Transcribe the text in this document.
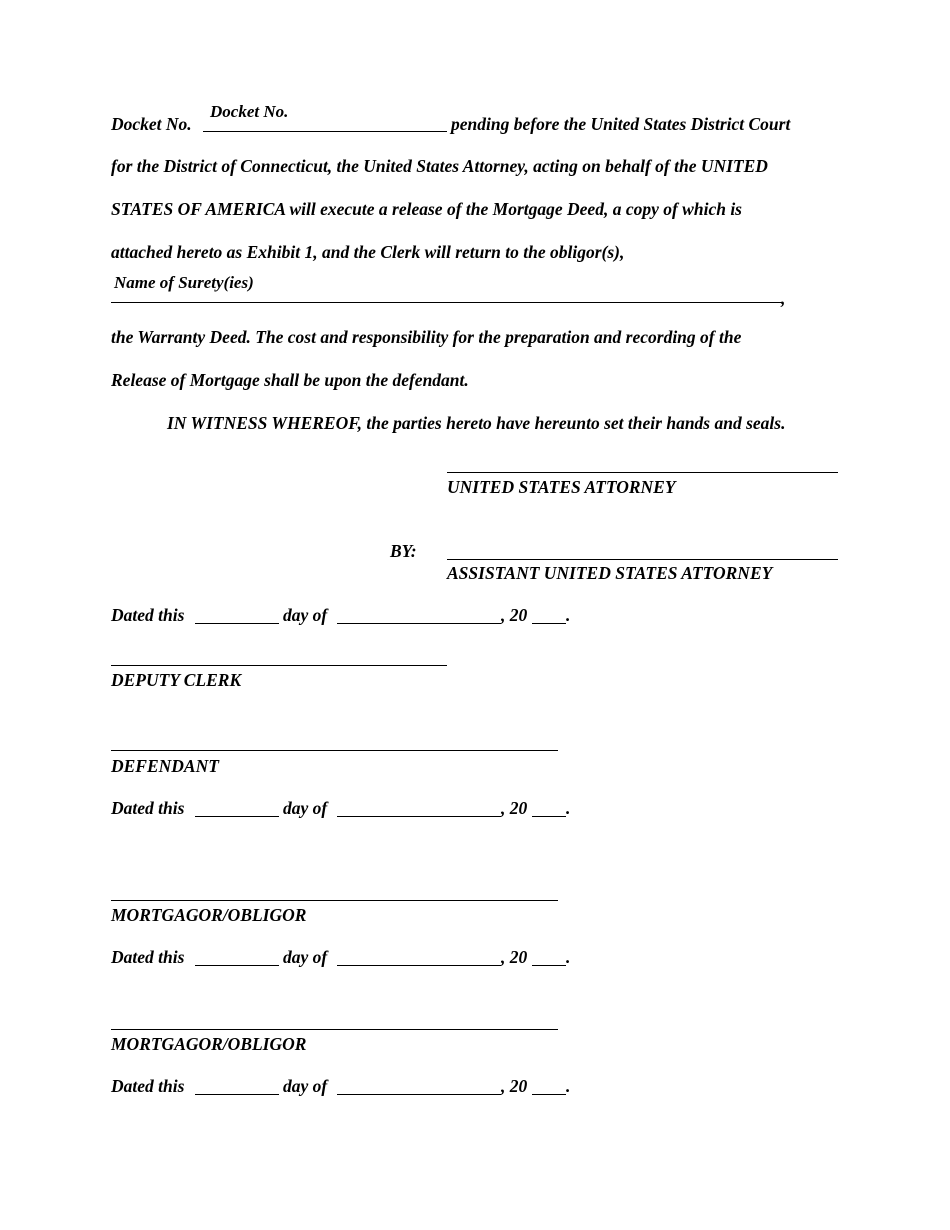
Docket No.
Docket No.
pending before the United States District Court
for the District of Connecticut, the United States Attorney, acting on behalf of the UNITED
STATES OF AMERICA will execute a release of the Mortgage Deed, a copy of which is
attached hereto as Exhibit 1, and the Clerk will return to the obligor(s),
Name of Surety(ies)
,
the Warranty Deed. The cost and responsibility for the preparation and recording of the
Release of Mortgage shall be upon the defendant.
IN WITNESS WHEREOF, the parties hereto have hereunto set their hands and seals.
UNITED STATES ATTORNEY
BY:
ASSISTANT UNITED STATES ATTORNEY
Dated this	day of	, 20 .
DEPUTY CLERK
DEFENDANT
Dated this	day of	, 20 .
MORTGAGOR/OBLIGOR
Dated this	day of	, 20 .
MORTGAGOR/OBLIGOR
Dated this	day of	, 20 .
